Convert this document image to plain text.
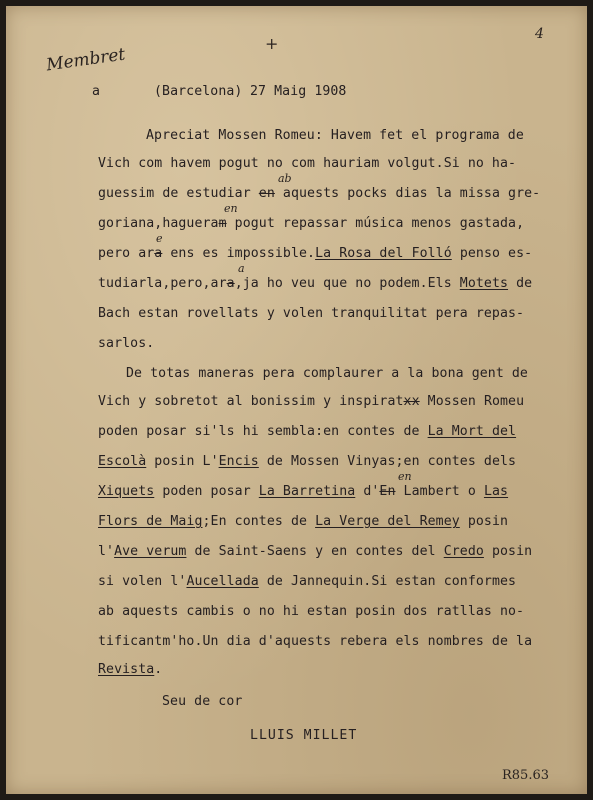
Membret
+	4
a	(Barcelona) 27 Maig 1908
Apreciat Mossen Romeu: Havem fet el programa de
Vich com havem pogut no com hauriam volgut.Si no ha-
guessim de estudiar en aquests pocks dias la missa gre-
ab
goriana,hagueram pogut repassar música menos gastada,
en
pero ara ens es impossible.La Rosa del Folló penso es-
e
tudiarla,pero,ara,ja ho veu que no podem.Els Motets de
a
Bach estan rovellats y volen tranquilitat pera repas-
sarlos.
De totas maneras pera complaurer a la bona gent de
Vich y sobretot al bonissim y inspiratxx Mossen Romeu
poden posar si'ls hi sembla:en contes de La Mort del
Escolà posin L'Encis de Mossen Vinyas;en contes dels
Xiquets poden posar La Barretina d'En Lambert o Las
en
Flors de Maig;En contes de La Verge del Remey posin
l'Ave verum de Saint-Saens y en contes del Credo posin
si volen l'Aucellada de Jannequin.Si estan conformes
ab aquests cambis o no hi estan posin dos ratllas no-
tificantm'ho.Un dia d'aquests rebera els nombres de la
Revista.
Seu de cor
LLUIS MILLET
R85.63
